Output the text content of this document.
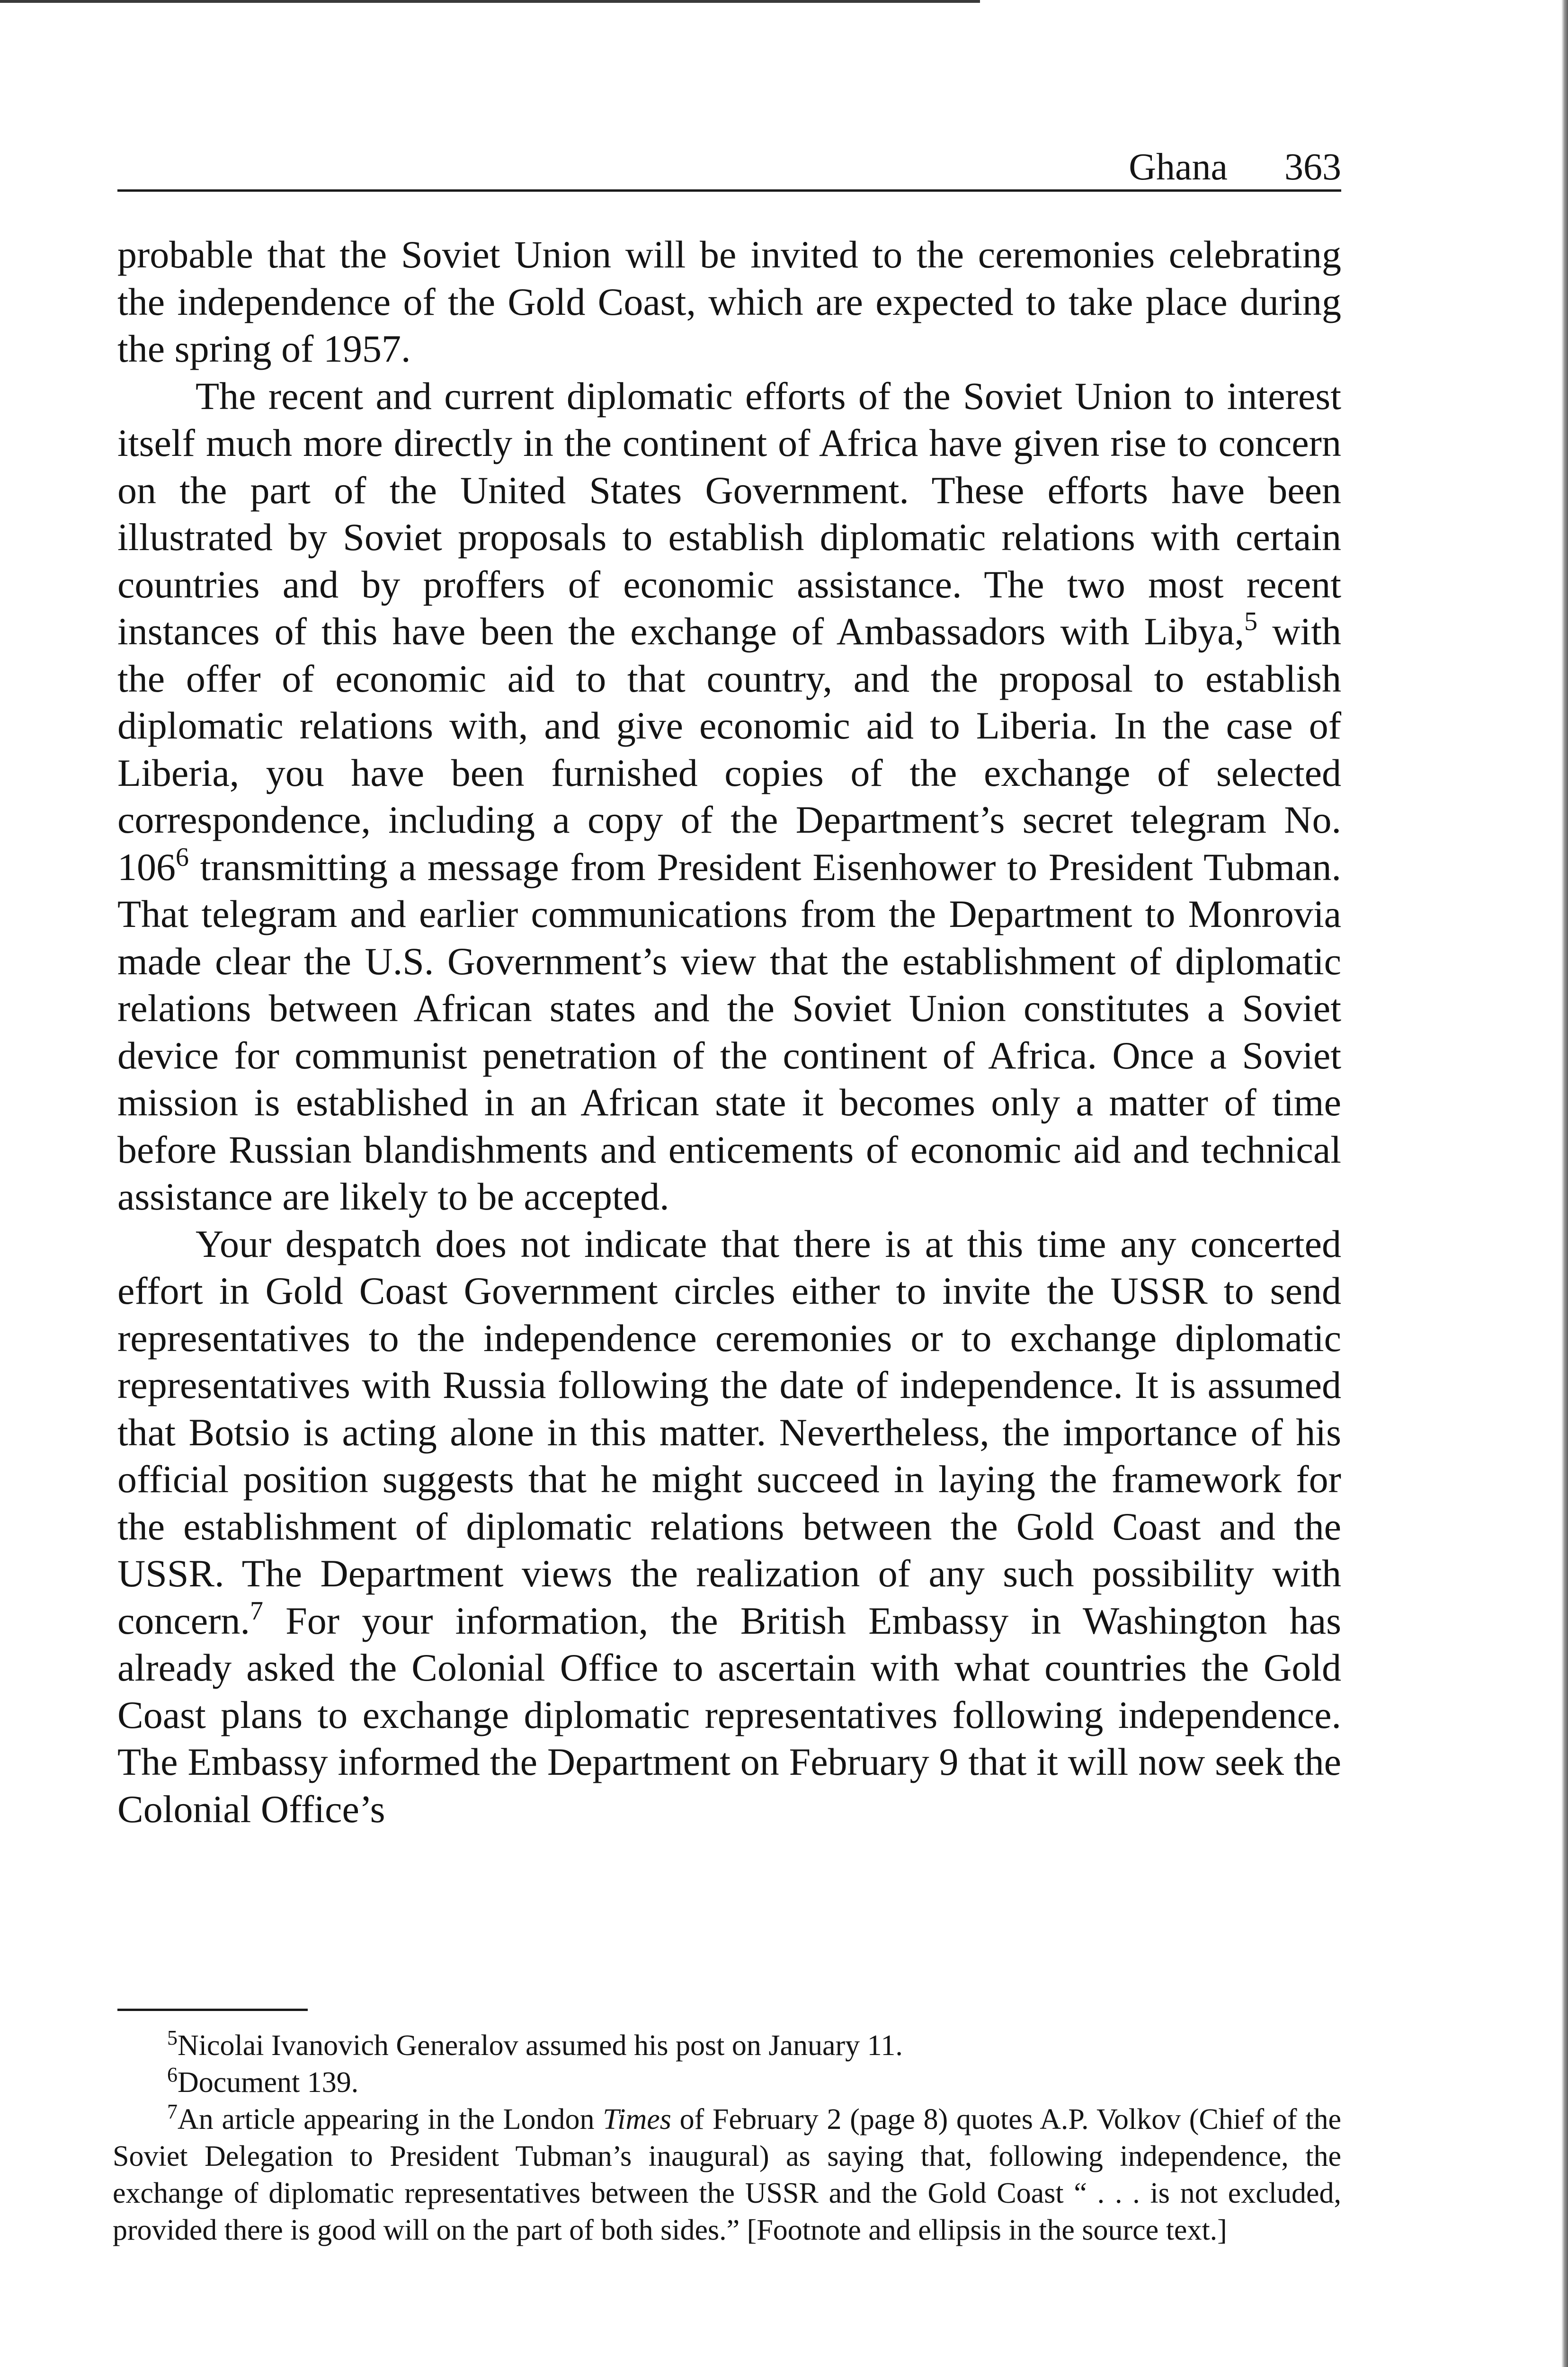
Ghana 363

probable that the Soviet Union will be invited to the ceremonies celebrating the independence of the Gold Coast, which are expected to take place during the spring of 1957.

The recent and current diplomatic efforts of the Soviet Union to interest itself much more directly in the continent of Africa have given rise to concern on the part of the United States Government. These efforts have been illustrated by Soviet proposals to establish diplomatic relations with certain countries and by proffers of economic assistance. The two most recent instances of this have been the exchange of Ambassadors with Libya,$^5$ with the offer of economic aid to that country, and the proposal to establish diplomatic relations with, and give economic aid to Liberia. In the case of Liberia, you have been furnished copies of the exchange of selected correspondence, including a copy of the Department’s secret telegram No. 106$^6$ transmitting a message from President Eisenhower to President Tubman. That telegram and earlier communications from the Department to Monrovia made clear the U.S. Government’s view that the establishment of diplomatic relations between African states and the Soviet Union constitutes a Soviet device for communist penetration of the continent of Africa. Once a Soviet mission is established in an African state it becomes only a matter of time before Russian blandishments and enticements of economic aid and technical assistance are likely to be accepted.

Your despatch does not indicate that there is at this time any concerted effort in Gold Coast Government circles either to invite the USSR to send representatives to the independence ceremonies or to exchange diplomatic representatives with Russia following the date of independence. It is assumed that Botsio is acting alone in this matter. Nevertheless, the importance of his official position suggests that he might succeed in laying the framework for the establishment of diplomatic relations between the Gold Coast and the USSR. The Department views the realization of any such possibility with concern.$^7$ For your information, the British Embassy in Washington has already asked the Colonial Office to ascertain with what countries the Gold Coast plans to exchange diplomatic representatives following independence. The Embassy informed the Department on February 9 that it will now seek the Colonial Office’s

$^5$Nicolai Ivanovich Generalov assumed his post on January 11.

$^6$Document 139.

$^7$An article appearing in the London Times of February 2 (page 8) quotes A.P. Volkov (Chief of the Soviet Delegation to President Tubman’s inaugural) as saying that, following independence, the exchange of diplomatic representatives between the USSR and the Gold Coast “ . . . is not excluded, provided there is good will on the part of both sides.” [Footnote and ellipsis in the source text.]
